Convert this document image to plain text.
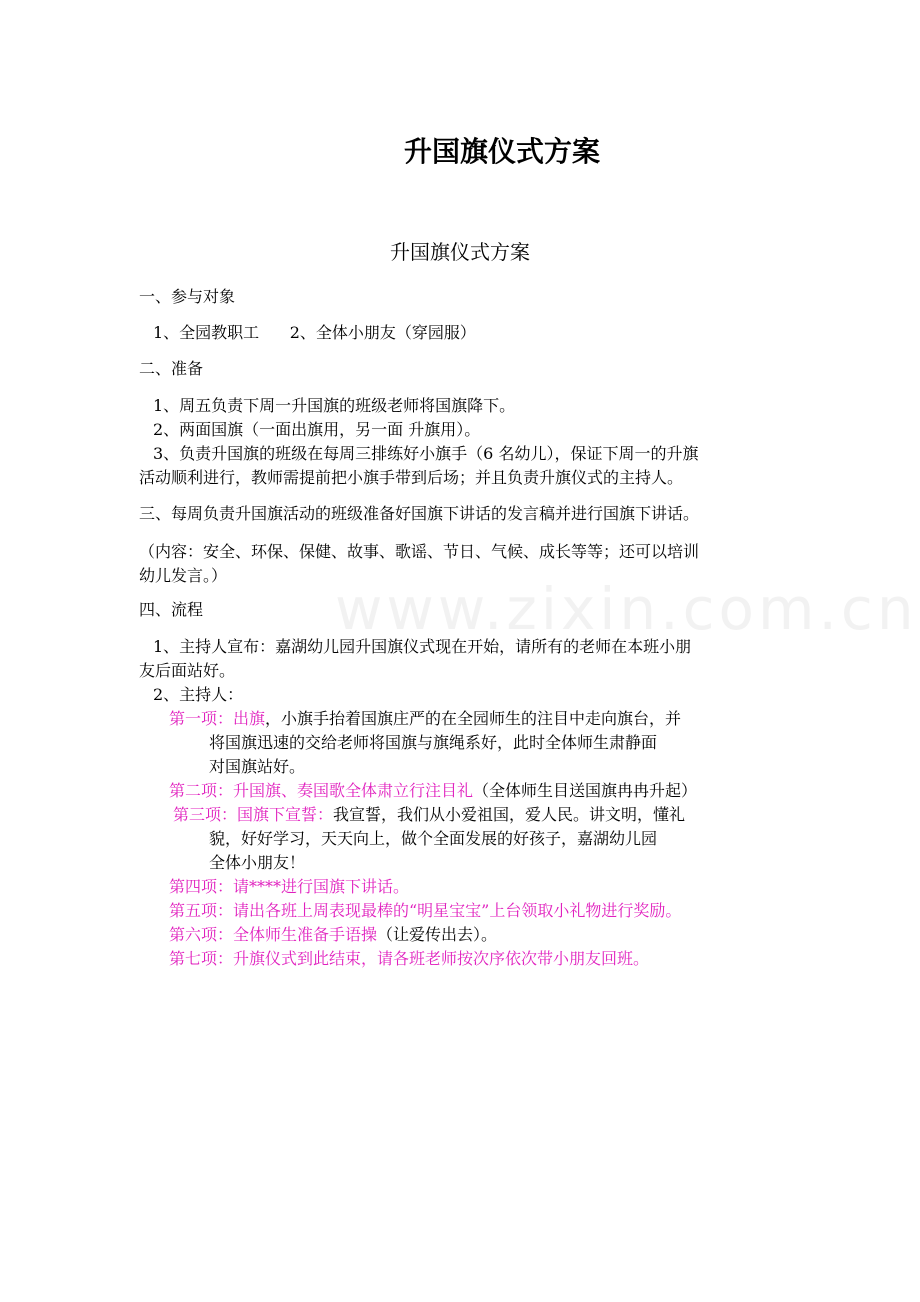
www.zixin.com.cn
升国旗仪式方案
升国旗仪式方案
一、参与对象
1、全园教职工      2、全体小朋友（穿园服）
二、准备
1、周五负责下周一升国旗的班级老师将国旗降下。
2、两面国旗（一面出旗用，另一面 升旗用）。
3、负责升国旗的班级在每周三排练好小旗手（6 名幼儿），保证下周一的升旗
活动顺利进行，教师需提前把小旗手带到后场；并且负责升旗仪式的主持人。
三、每周负责升国旗活动的班级准备好国旗下讲话的发言稿并进行国旗下讲话。
（内容：安全、环保、保健、故事、歌谣、节日、气候、成长等等；还可以培训
幼儿发言。）
四、流程
1、主持人宣布：嘉湖幼儿园升国旗仪式现在开始，请所有的老师在本班小朋
友后面站好。
2、主持人：
第一项：出旗，小旗手抬着国旗庄严的在全园师生的注目中走向旗台，并
将国旗迅速的交给老师将国旗与旗绳系好，此时全体师生肃静面
对国旗站好。
第二项：升国旗、奏国歌全体肃立行注目礼（全体师生目送国旗冉冉升起）
第三项：国旗下宣誓：我宣誓，我们从小爱祖国，爱人民。讲文明，懂礼
貌，好好学习，天天向上，做个全面发展的好孩子，嘉湖幼儿园
全体小朋友！
第四项：请****进行国旗下讲话。
第五项：请出各班上周表现最棒的“明星宝宝”上台领取小礼物进行奖励。
第六项：全体师生准备手语操（让爱传出去）。
第七项：升旗仪式到此结束，请各班老师按次序依次带小朋友回班。
